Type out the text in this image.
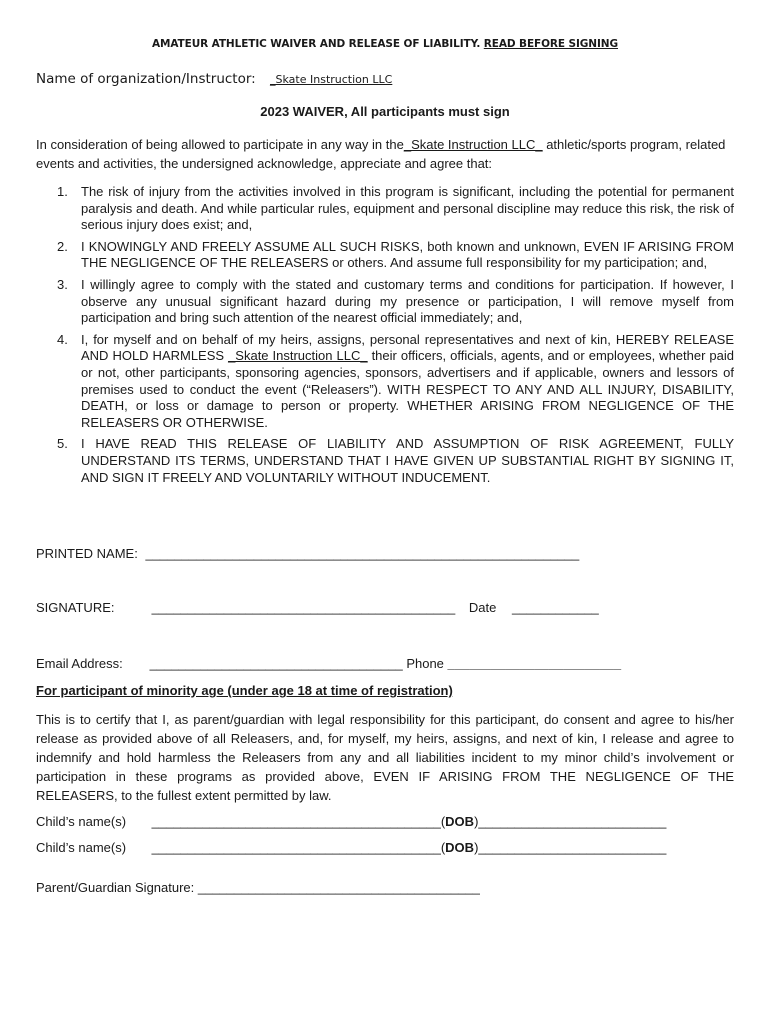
AMATEUR ATHLETIC WAIVER AND RELEASE OF LIABILITY. READ BEFORE SIGNING
Name of organization/Instructor: _Skate Instruction LLC
2023 WAIVER, All participants must sign
In consideration of being allowed to participate in any way in the_Skate Instruction LLC_ athletic/sports program, related events and activities, the undersigned acknowledge, appreciate and agree that:
1. The risk of injury from the activities involved in this program is significant, including the potential for permanent paralysis and death. And while particular rules, equipment and personal discipline may reduce this risk, the risk of serious injury does exist; and,
2. I KNOWINGLY AND FREELY ASSUME ALL SUCH RISKS, both known and unknown, EVEN IF ARISING FROM THE NEGLIGENCE OF THE RELEASERS or others. And assume full responsibility for my participation; and,
3. I willingly agree to comply with the stated and customary terms and conditions for participation. If however, I observe any unusual significant hazard during my presence or participation, I will remove myself from participation and bring such attention of the nearest official immediately; and,
4. I, for myself and on behalf of my heirs, assigns, personal representatives and next of kin, HEREBY RELEASE AND HOLD HARMLESS _Skate Instruction LLC_ their officers, officials, agents, and or employees, whether paid or not, other participants, sponsoring agencies, sponsors, advertisers and if applicable, owners and lessors of premises used to conduct the event (“Releasers”). WITH RESPECT TO ANY AND ALL INJURY, DISABILITY, DEATH, or loss or damage to person or property. WHETHER ARISING FROM NEGLIGENCE OF THE RELEASERS OR OTHERWISE.
5. I HAVE READ THIS RELEASE OF LIABILITY AND ASSUMPTION OF RISK AGREEMENT, FULLY UNDERSTAND ITS TERMS, UNDERSTAND THAT I HAVE GIVEN UP SUBSTANTIAL RIGHT BY SIGNING IT, AND SIGN IT FREELY AND VOLUNTARILY WITHOUT INDUCEMENT.
PRINTED NAME: ____________________________________________________________
SIGNATURE:	__________________________________________ Date ____________
Email Address: ___________________________________ Phone ________________________
For participant of minority age (under age 18 at time of registration)
This is to certify that I, as parent/guardian with legal responsibility for this participant, do consent and agree to his/her release as provided above of all Releasers, and, for myself, my heirs, assigns, and next of kin, I release and agree to indemnify and hold harmless the Releasers from any and all liabilities incident to my minor child’s involvement or participation in these programs as provided above, EVEN IF ARISING FROM THE NEGLIGENCE OF THE RELEASERS, to the fullest extent permitted by law.
Child’s name(s) ________________________________________(DOB)__________________________
Child’s name(s) ________________________________________(DOB)__________________________
Parent/Guardian Signature: _______________________________________
